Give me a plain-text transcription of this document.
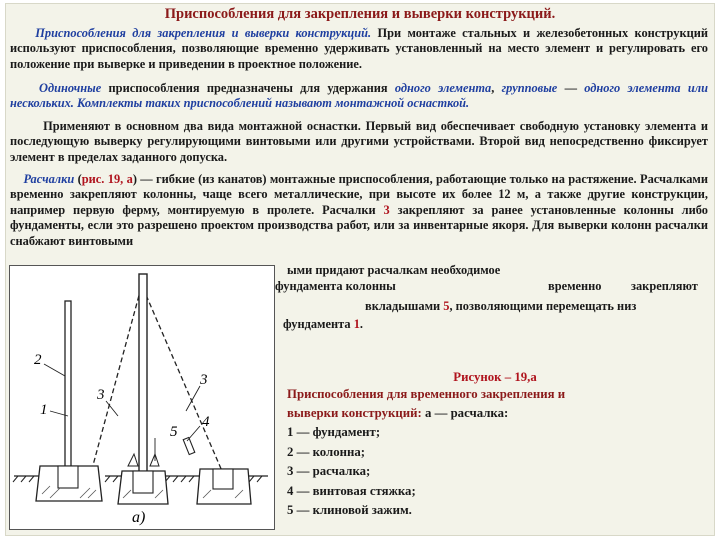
Приспособления для закрепления и выверки конструкций.
Приспособления для закрепления и выверки конструкций. При монтаже стальных и железобетонных конструкций используют приспособления, позволяющие временно удерживать установленный на место элемент и регулировать его положение при выверке и приведении в проектное положение.
Одиночные приспособления предназначены для удержания одного элемента, групповые — одного элемента или нескольких. Комплекты таких приспособлений называют монтажной оснасткой.
Применяют в основном два вида монтажной оснастки. Первый вид обеспечивает свободную установку элемента и последующую выверку регулирующими винтовыми или другими устройствами. Второй вид непосредственно фиксирует элемент в пределах заданного допуска.
Расчалки (рис. 19, а) — гибкие (из канатов) монтажные приспособления, работающие только на растяжение. Расчалками временно закрепляют колонны, чаще всего металлические, при высоте их более 12 м, а также другие конструкции, например первую ферму, монтируемую в пролете. Расчалки 3 закрепляют за ранее установленные колонны либо фундаменты, если это разрешено проектом производства работ, или за инвентарные якоря. Для выверки колонн расчалки снабжают винтовыми
ыми придают расчалкам необходимое
фундамента колонны	временно закрепляют
вкладышами 5, позволяющими перемещать низ
фундамента 1.
2
1
3
3
4
5
а)
Рисунок – 19,а
Приспособления для временного закрепления и
выверки конструкций: а — расчалка:
1 — фундамент;
2 — колонна;
3 — расчалка;
4 — винтовая стяжка;
5 — клиновой зажим.
